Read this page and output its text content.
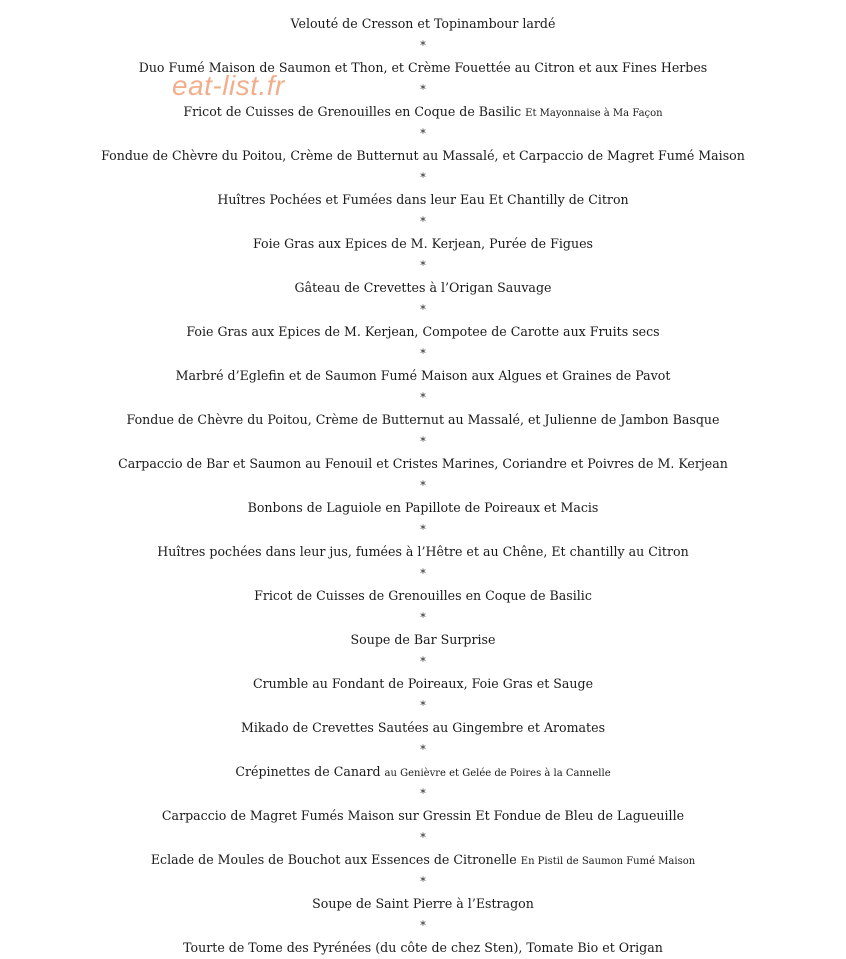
eat-list.fr
Velouté de Cresson et Topinambour lardé
*
Duo Fumé Maison de Saumon et Thon, et Crème Fouettée au Citron et aux Fines Herbes
*
Fricot de Cuisses de Grenouilles en Coque de Basilic Et Mayonnaise à Ma Façon
*
Fondue de Chèvre du Poitou, Crème de Butternut au Massalé, et Carpaccio de Magret Fumé Maison
*
Huîtres Pochées et Fumées dans leur Eau Et Chantilly de Citron
*
Foie Gras aux Epices de M. Kerjean, Purée de Figues
*
Gâteau de Crevettes à l’Origan Sauvage
*
Foie Gras aux Epices de M. Kerjean, Compotee de Carotte aux Fruits secs
*
Marbré d’Eglefin et de Saumon Fumé Maison aux Algues et Graines de Pavot
*
Fondue de Chèvre du Poitou, Crème de Butternut au Massalé, et Julienne de Jambon Basque
*
Carpaccio de Bar et Saumon au Fenouil et Cristes Marines, Coriandre et Poivres de M. Kerjean
*
Bonbons de Laguiole en Papillote de Poireaux et Macis
*
Huîtres pochées dans leur jus, fumées à l’Hêtre et au Chêne, Et chantilly au Citron
*
Fricot de Cuisses de Grenouilles en Coque de Basilic
*
Soupe de Bar Surprise
*
Crumble au Fondant de Poireaux, Foie Gras et Sauge
*
Mikado de Crevettes Sautées au Gingembre et Aromates
*
Crépinettes de Canard au Genièvre et Gelée de Poires à la Cannelle
*
Carpaccio de Magret Fumés Maison sur Gressin Et Fondue de Bleu de Lagueuille
*
Eclade de Moules de Bouchot aux Essences de Citronelle En Pistil de Saumon Fumé Maison
*
Soupe de Saint Pierre à l’Estragon
*
Tourte de Tome des Pyrénées (du côte de chez Sten), Tomate Bio et Origan
